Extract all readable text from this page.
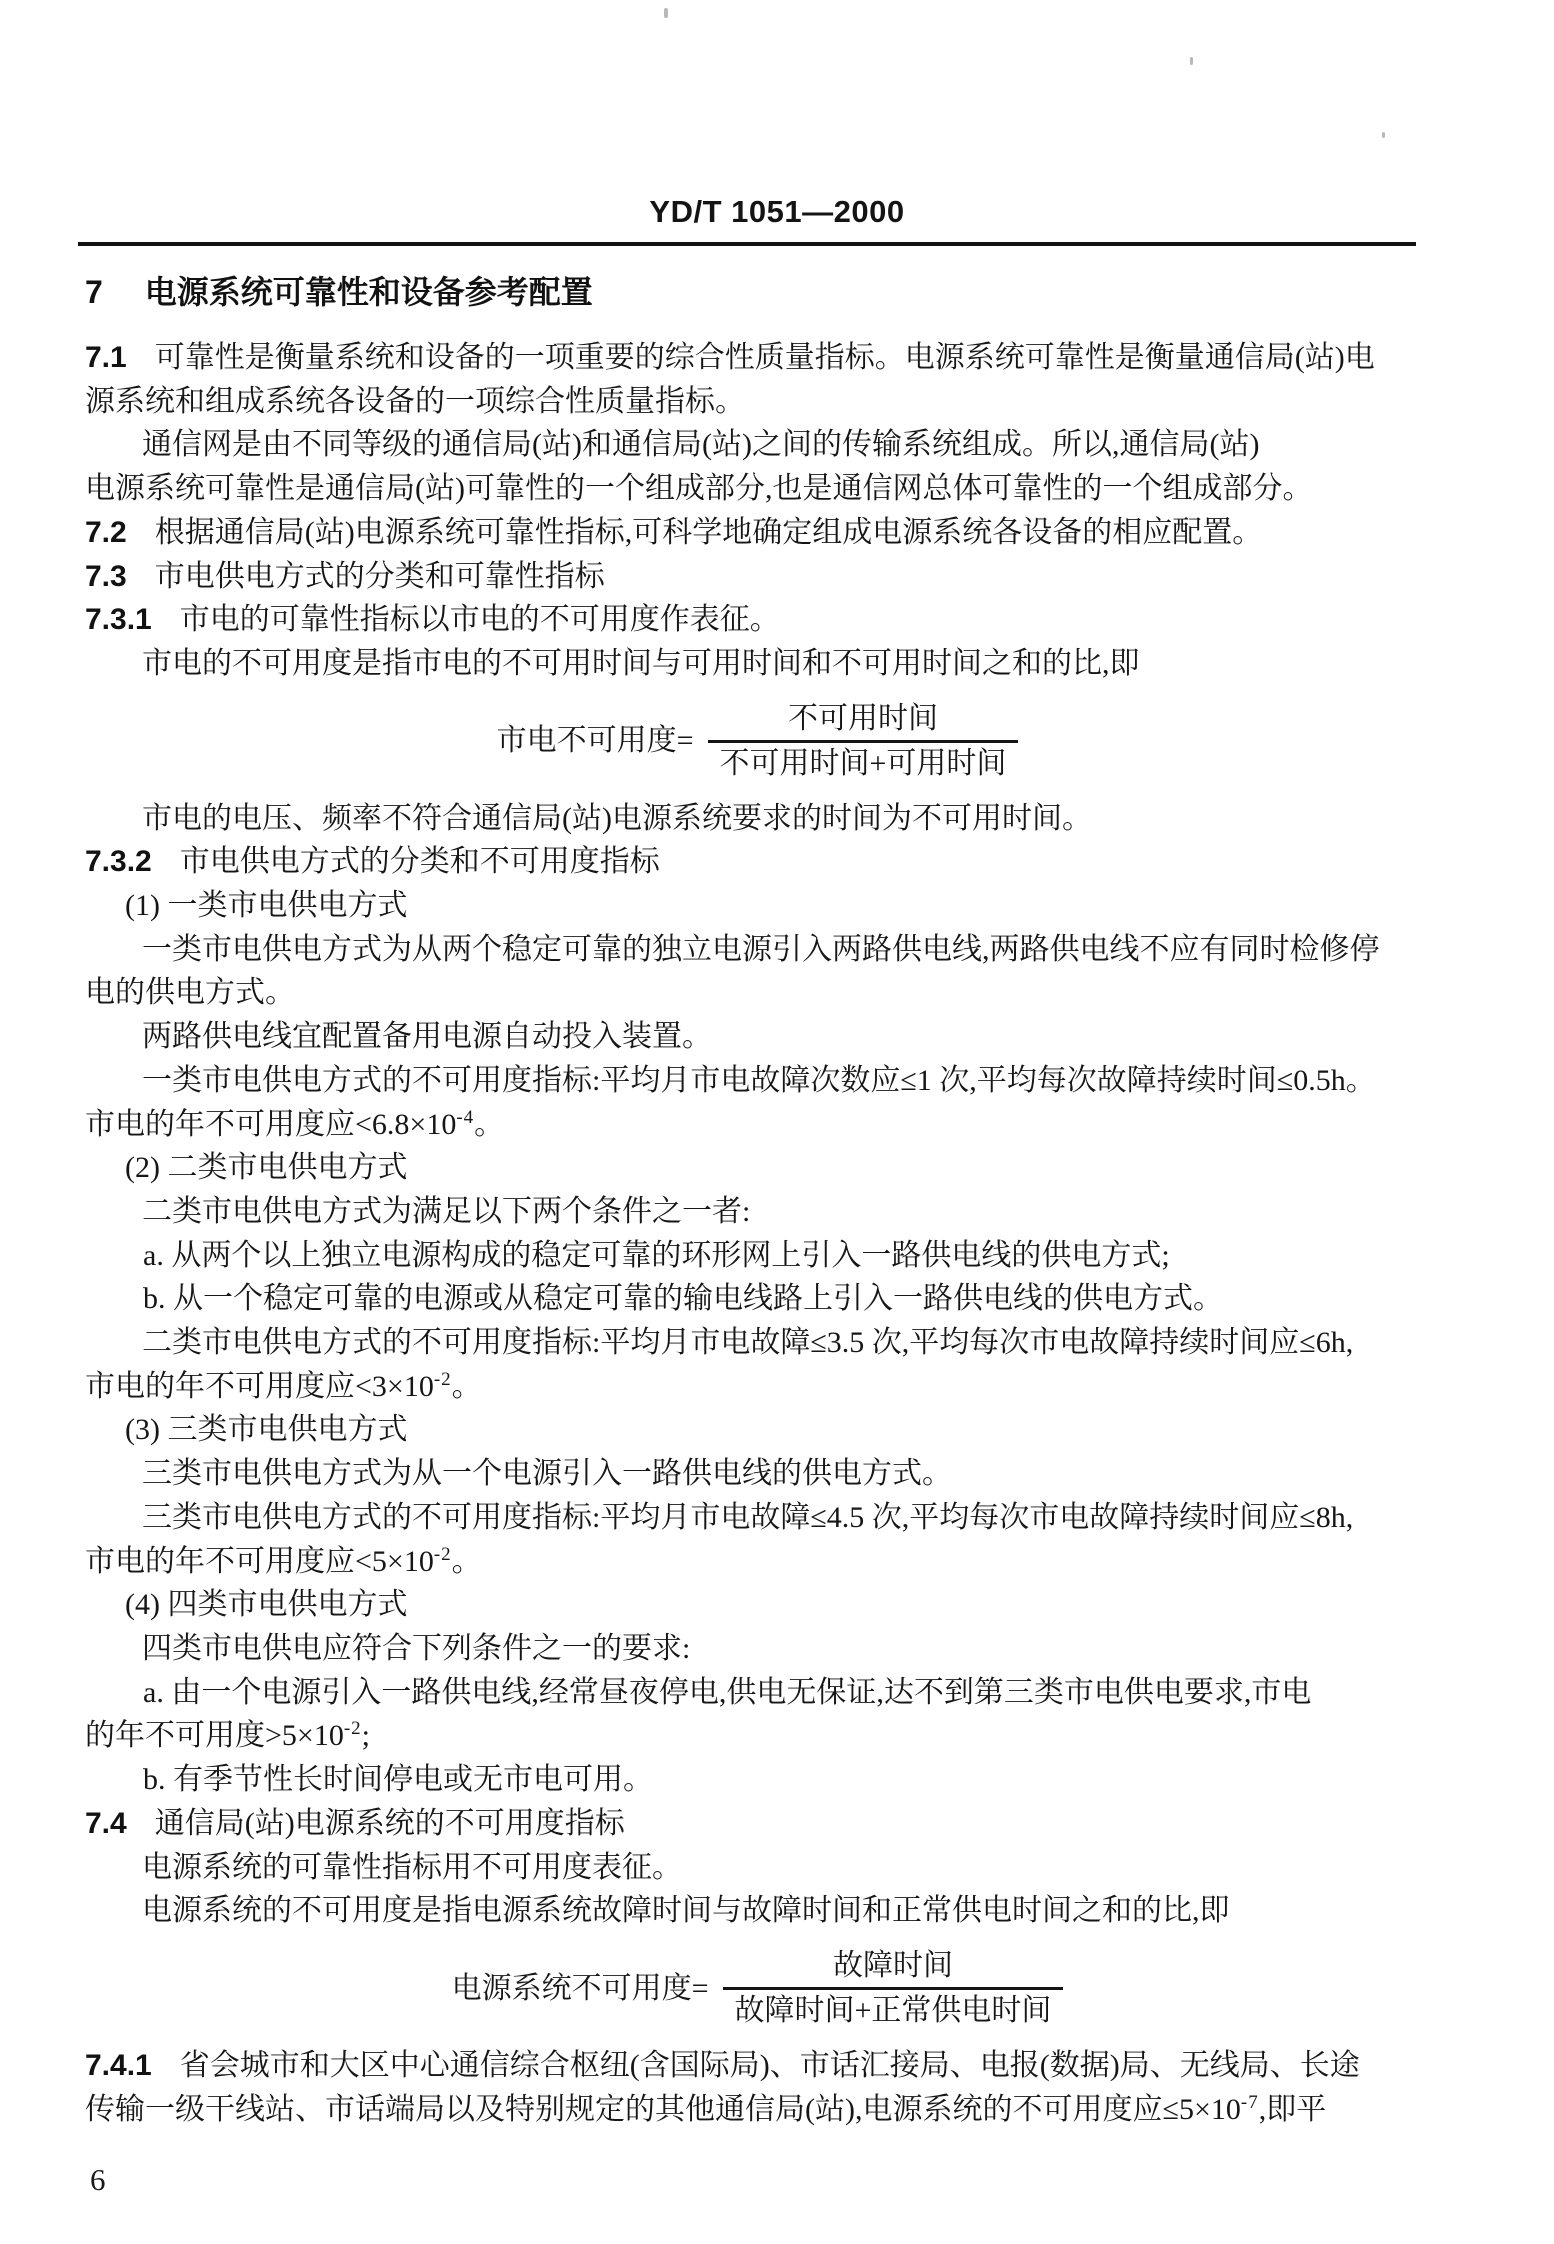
YD/T 1051—2000
7 电源系统可靠性和设备参考配置
7.1 可靠性是衡量系统和设备的一项重要的综合性质量指标。电源系统可靠性是衡量通信局(站)电
源系统和组成系统各设备的一项综合性质量指标。
通信网是由不同等级的通信局(站)和通信局(站)之间的传输系统组成。所以,通信局(站)
电源系统可靠性是通信局(站)可靠性的一个组成部分,也是通信网总体可靠性的一个组成部分。
7.2 根据通信局(站)电源系统可靠性指标,可科学地确定组成电源系统各设备的相应配置。
7.3 市电供电方式的分类和可靠性指标
7.3.1 市电的可靠性指标以市电的不可用度作表征。
市电的不可用度是指市电的不可用时间与可用时间和不可用时间之和的比,即
市电不可用度= $\frac{\text{不可用时间}}{\text{不可用时间+可用时间}}$
市电的电压、频率不符合通信局(站)电源系统要求的时间为不可用时间。
7.3.2 市电供电方式的分类和不可用度指标
(1) 一类市电供电方式
一类市电供电方式为从两个稳定可靠的独立电源引入两路供电线,两路供电线不应有同时检修停
电的供电方式。
两路供电线宜配置备用电源自动投入装置。
一类市电供电方式的不可用度指标:平均月市电故障次数应≤1 次,平均每次故障持续时间≤0.5h。
市电的年不可用度应$<6.8\times 10^{-4}$。
(2) 二类市电供电方式
二类市电供电方式为满足以下两个条件之一者:
a. 从两个以上独立电源构成的稳定可靠的环形网上引入一路供电线的供电方式;
b. 从一个稳定可靠的电源或从稳定可靠的输电线路上引入一路供电线的供电方式。
二类市电供电方式的不可用度指标:平均月市电故障≤3.5 次,平均每次市电故障持续时间应≤6h,
市电的年不可用度应$<3\times 10^{-2}$。
(3) 三类市电供电方式
三类市电供电方式为从一个电源引入一路供电线的供电方式。
三类市电供电方式的不可用度指标:平均月市电故障≤4.5 次,平均每次市电故障持续时间应≤8h,
市电的年不可用度应$<5\times 10^{-2}$。
(4) 四类市电供电方式
四类市电供电应符合下列条件之一的要求:
a. 由一个电源引入一路供电线,经常昼夜停电,供电无保证,达不到第三类市电供电要求,市电
的年不可用度$>5\times 10^{-2}$;
b. 有季节性长时间停电或无市电可用。
7.4 通信局(站)电源系统的不可用度指标
电源系统的可靠性指标用不可用度表征。
电源系统的不可用度是指电源系统故障时间与故障时间和正常供电时间之和的比,即
电源系统不可用度= $\frac{\text{故障时间}}{\text{故障时间+正常供电时间}}$
7.4.1 省会城市和大区中心通信综合枢纽(含国际局)、市话汇接局、电报(数据)局、无线局、长途
传输一级干线站、市话端局以及特别规定的其他通信局(站),电源系统的不可用度应$\le 5\times 10^{-7}$,即平
6
